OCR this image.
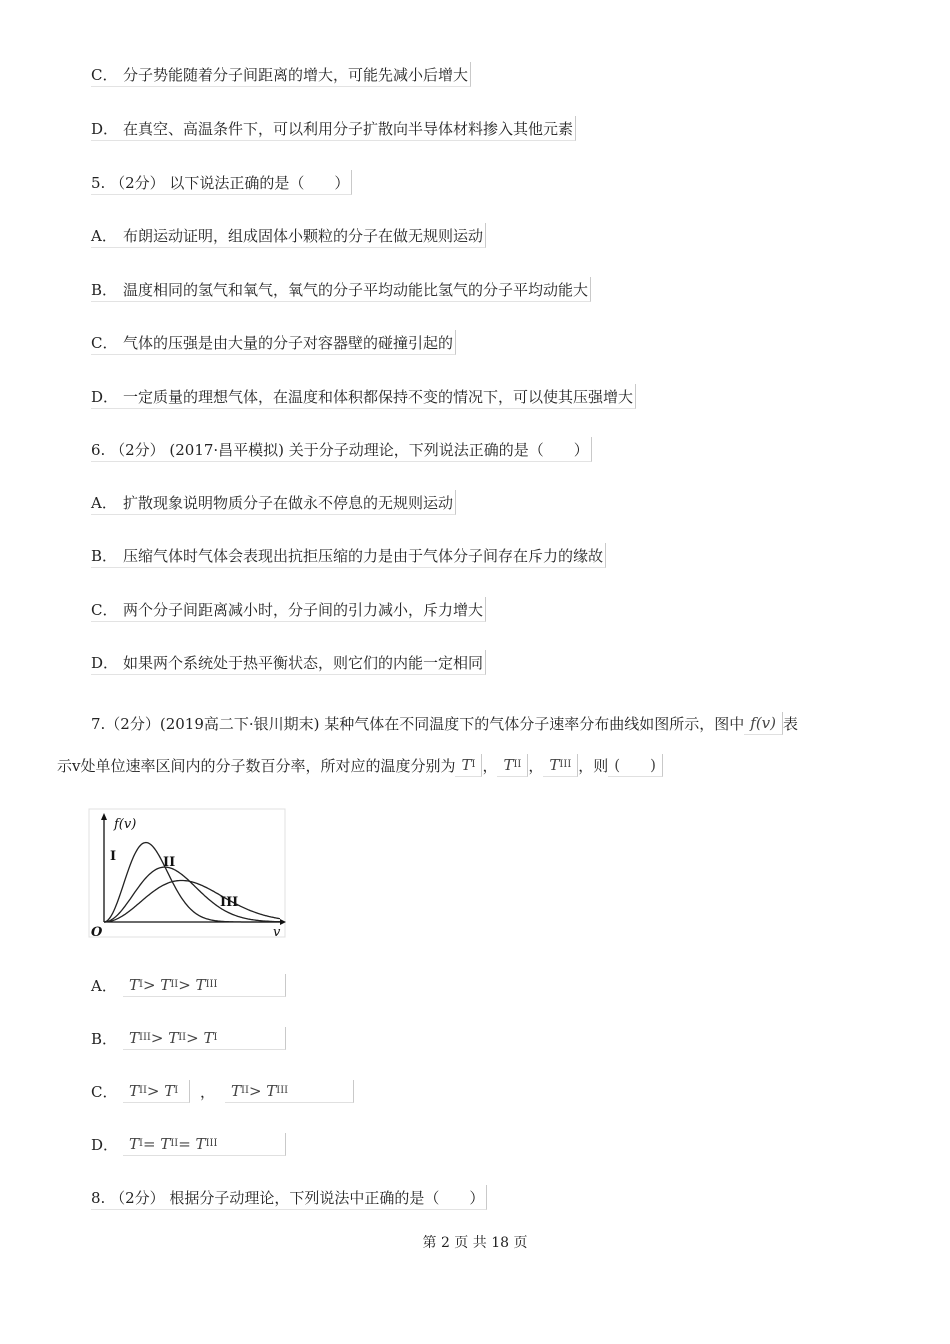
C． 分子势能随着分子间距离的增大，可能先减小后增大
D． 在真空、高温条件下，可以利用分子扩散向半导体材料掺入其他元素
5. （2分） 以下说法正确的是（　　）
A． 布朗运动证明，组成固体小颗粒的分子在做无规则运动
B． 温度相同的氢气和氧气，氧气的分子平均动能比氢气的分子平均动能大
C． 气体的压强是由大量的分子对容器壁的碰撞引起的
D． 一定质量的理想气体，在温度和体积都保持不变的情况下，可以使其压强增大
6. （2分） (2017·昌平模拟) 关于分子动理论，下列说法正确的是（　　）
A． 扩散现象说明物质分子在做永不停息的无规则运动
B． 压缩气体时气体会表现出抗拒压缩的力是由于气体分子间存在斥力的缘故
C． 两个分子间距离减小时，分子间的引力减小，斥力增大
D． 如果两个系统处于热平衡状态，则它们的内能一定相同
7.（2分）(2019高二下·银川期末) 某种气体在不同温度下的气体分子速率分布曲线如图所示，图中 f(v) 表
示v处单位速率区间内的分子数百分率，所对应的温度分别为 T I ， T II ， T III ，则 (　　)
f(v)
v
O
I	II
III
A． T I > T II > T III
B． T III > T II > T I
C． T II > T I ， T II > T III
D． T I = T II = T III
8. （2分） 根据分子动理论，下列说法中正确的是（　　）
第 2 页 共 18 页
